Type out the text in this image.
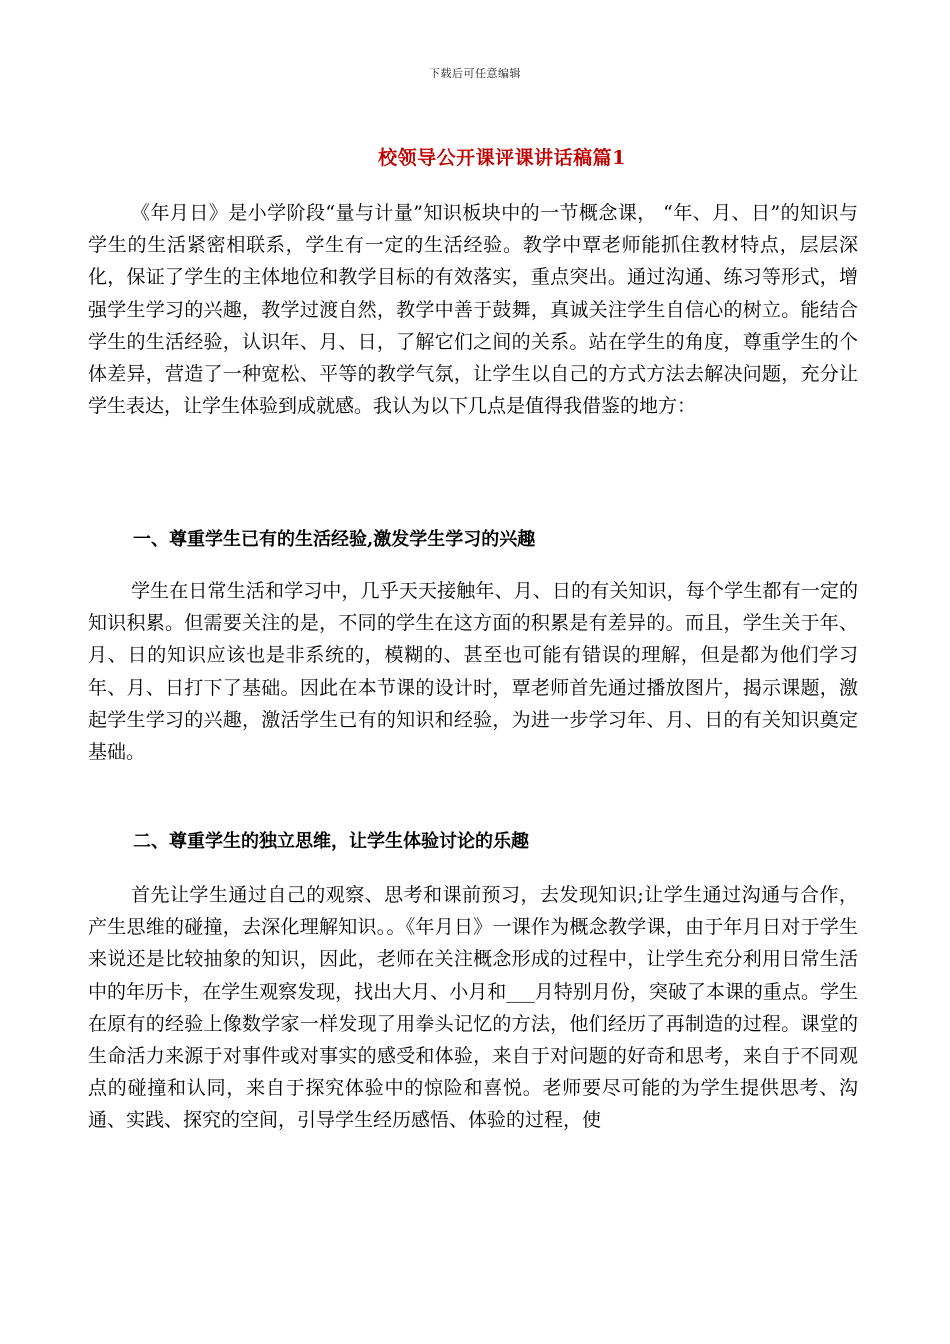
下载后可任意编辑
校领导公开课评课讲话稿篇1

《年月日》是小学阶段“量与计量”知识板块中的一节概念课， “年、月、日”的知识与学生的生活紧密相联系，学生有一定的生活经验。教学中覃老师能抓住教材特点，层层深化，保证了学生的主体地位和教学目标的有效落实，重点突出。通过沟通、练习等形式，增强学生学习的兴趣，教学过渡自然，教学中善于鼓舞，真诚关注学生自信心的树立。能结合学生的生活经验，认识年、月、日，了解它们之间的关系。站在学生的角度，尊重学生的个体差异，营造了一种宽松、平等的教学气氛，让学生以自己的方式方法去解决问题，充分让学生表达，让学生体验到成就感。我认为以下几点是值得我借鉴的地方：

一、尊重学生已有的生活经验,激发学生学习的兴趣

学生在日常生活和学习中，几乎天天接触年、月、日的有关知识，每个学生都有一定的知识积累。但需要关注的是，不同的学生在这方面的积累是有差异的。而且，学生关于年、月、日的知识应该也是非系统的，模糊的、甚至也可能有错误的理解，但是都为他们学习年、月、日打下了基础。因此在本节课的设计时，覃老师首先通过播放图片，揭示课题，激起学生学习的兴趣，激活学生已有的知识和经验，为进一步学习年、月、日的有关知识奠定基础。

二、尊重学生的独立思维，让学生体验讨论的乐趣

首先让学生通过自己的观察、思考和课前预习，去发现知识;让学生通过沟通与合作，产生思维的碰撞，去深化理解知识。。《年月日》一课作为概念教学课，由于年月日对于学生来说还是比较抽象的知识，因此，老师在关注概念形成的过程中，让学生充分利用日常生活中的年历卡，在学生观察发现，找出大月、小月和___月特别月份，突破了本课的重点。学生在原有的经验上像数学家一样发现了用拳头记忆的方法，他们经历了再制造的过程。课堂的生命活力来源于对事件或对事实的感受和体验，来自于对问题的好奇和思考，来自于不同观点的碰撞和认同，来自于探究体验中的惊险和喜悦。老师要尽可能的为学生提供思考、沟通、实践、探究的空间，引导学生经历感悟、体验的过程，使
